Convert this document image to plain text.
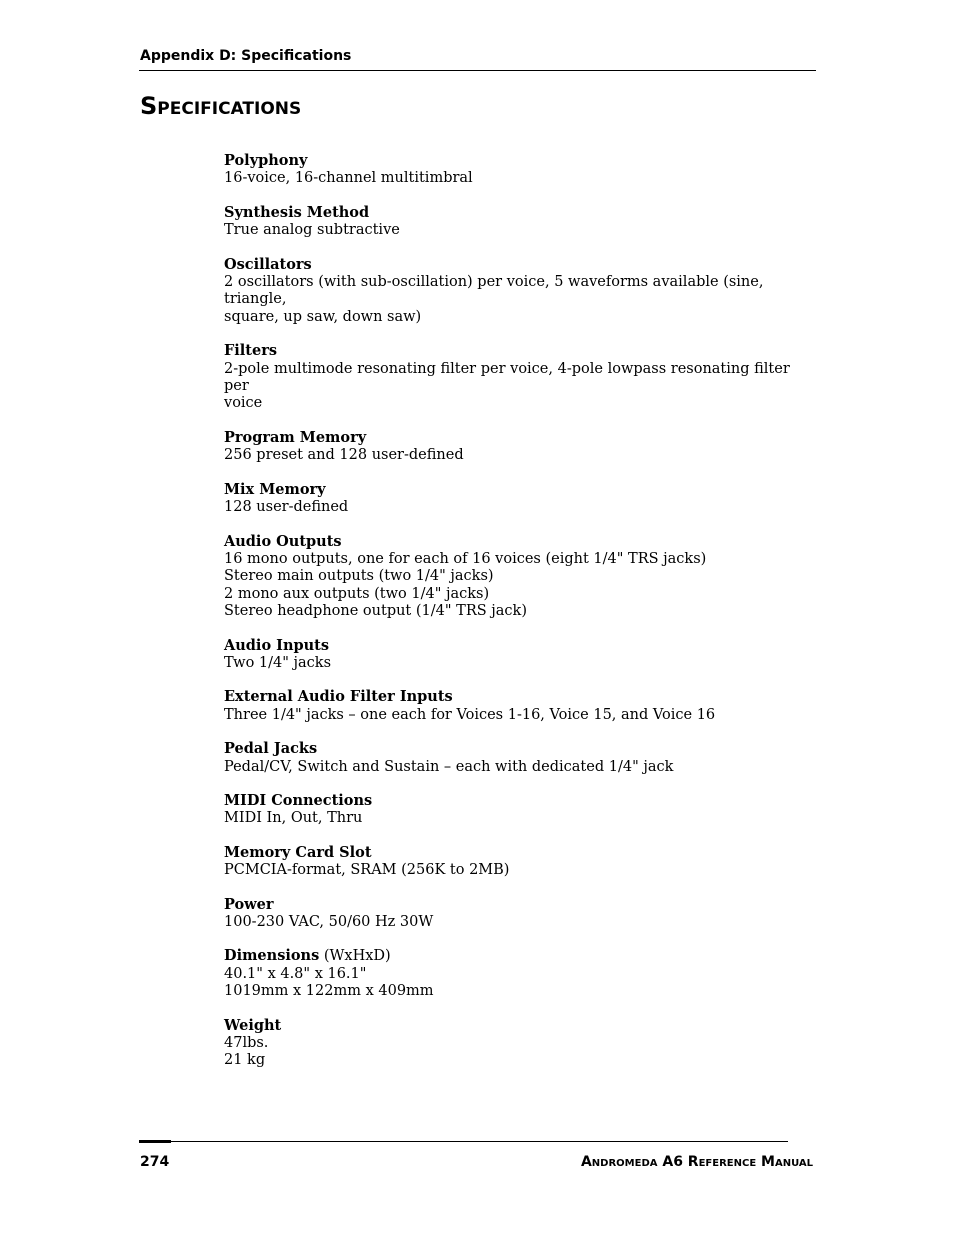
Appendix D: Specifications
Specifications
Polyphony
16-voice, 16-channel multitimbral
Synthesis Method
True analog subtractive
Oscillators
2 oscillators (with sub-oscillation) per voice, 5 waveforms available (sine, triangle,
square, up saw, down saw)
Filters
2-pole multimode resonating filter per voice, 4-pole lowpass resonating filter per
voice
Program Memory
256 preset and 128 user-defined
Mix Memory
128 user-defined
Audio Outputs
16 mono outputs, one for each of 16 voices (eight 1/4" TRS jacks)
Stereo main outputs (two 1/4" jacks)
2 mono aux outputs (two 1/4" jacks)
Stereo headphone output (1/4" TRS jack)
Audio Inputs
Two 1/4" jacks
External Audio Filter Inputs
Three 1/4" jacks – one each for Voices 1-16, Voice 15, and Voice 16
Pedal Jacks
Pedal/CV, Switch and Sustain – each with dedicated 1/4" jack
MIDI Connections
MIDI In, Out, Thru
Memory Card Slot
PCMCIA-format, SRAM (256K to 2MB)
Power
100-230 VAC, 50/60 Hz 30W
Dimensions (WxHxD)
40.1" x 4.8" x 16.1"
1019mm x 122mm x 409mm
Weight
47lbs.
21 kg
274	Andromeda A6 Reference Manual
